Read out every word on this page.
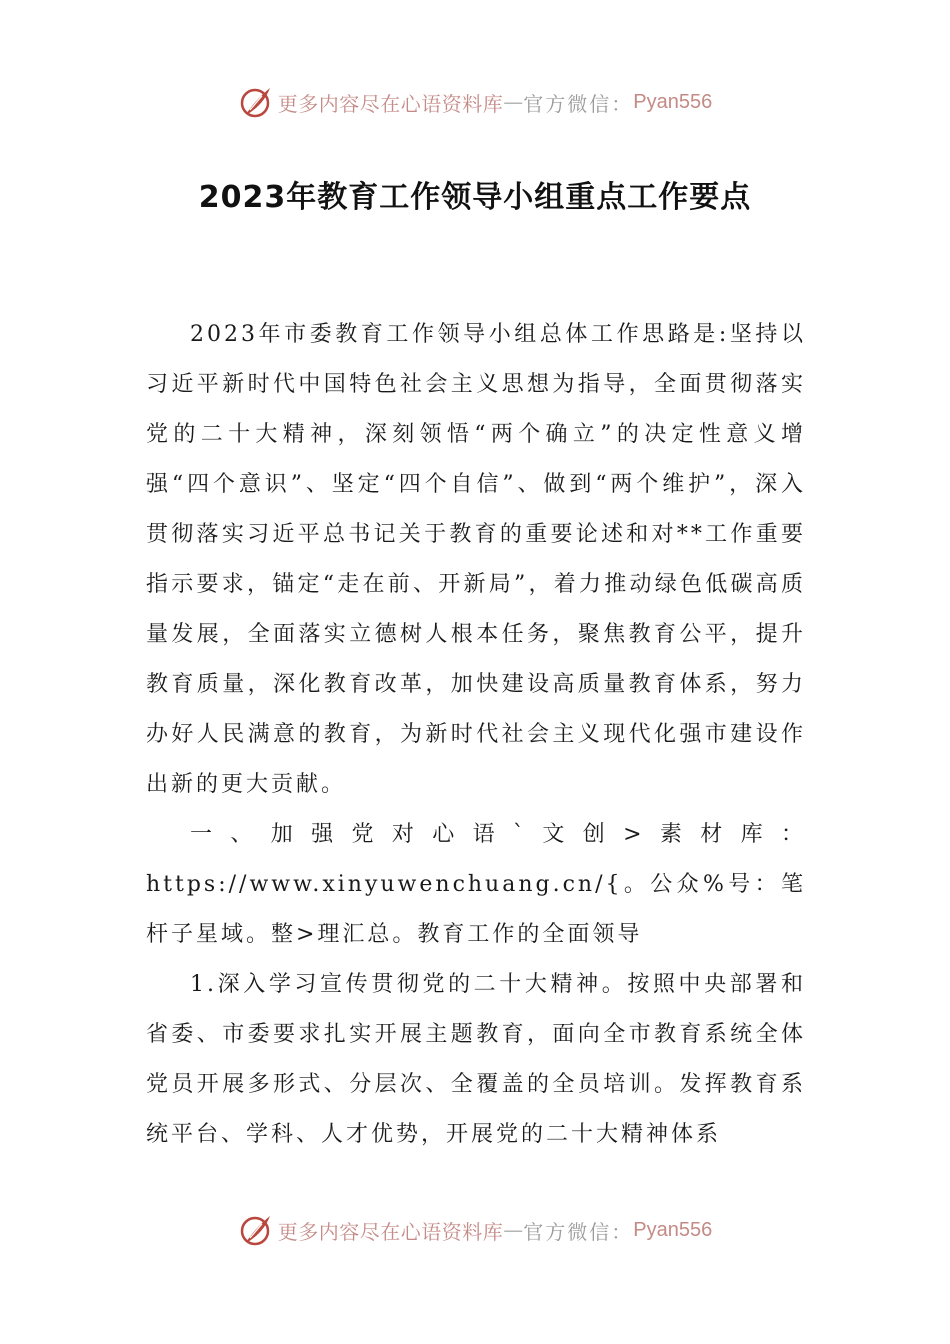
更多内容尽在心语资料库 — 官方微信： Pyan556
2023年教育工作领导小组重点工作要点

2023年市委教育工作领导小组总体工作思路是:坚持以习近平新时代中国特色社会主义思想为指导，全面贯彻落实党的二十大精神，深刻领悟“两个确立”的决定性意义增强“四个意识”、坚定“四个自信”、做到“两个维护”，深入贯彻落实习近平总书记关于教育的重要论述和对**工作重要指示要求，锚定“走在前、开新局”，着力推动绿色低碳高质量发展，全面落实立德树人根本任务，聚焦教育公平，提升教育质量，深化教育改革，加快建设高质量教育体系，努力办好人民满意的教育，为新时代社会主义现代化强市建设作出新的更大贡献。

一、加强党对心语`文创>素材库：https://www.xinyuwenchuang.cn/{。公众%号：笔杆子星域。整>理汇总。教育工作的全面领导

1.深入学习宣传贯彻党的二十大精神。按照中央部署和省委、市委要求扎实开展主题教育，面向全市教育系统全体党员开展多形式、分层次、全覆盖的全员培训。发挥教育系统平台、学科、人才优势，开展党的二十大精神体系

更多内容尽在心语资料库 — 官方微信： Pyan556
